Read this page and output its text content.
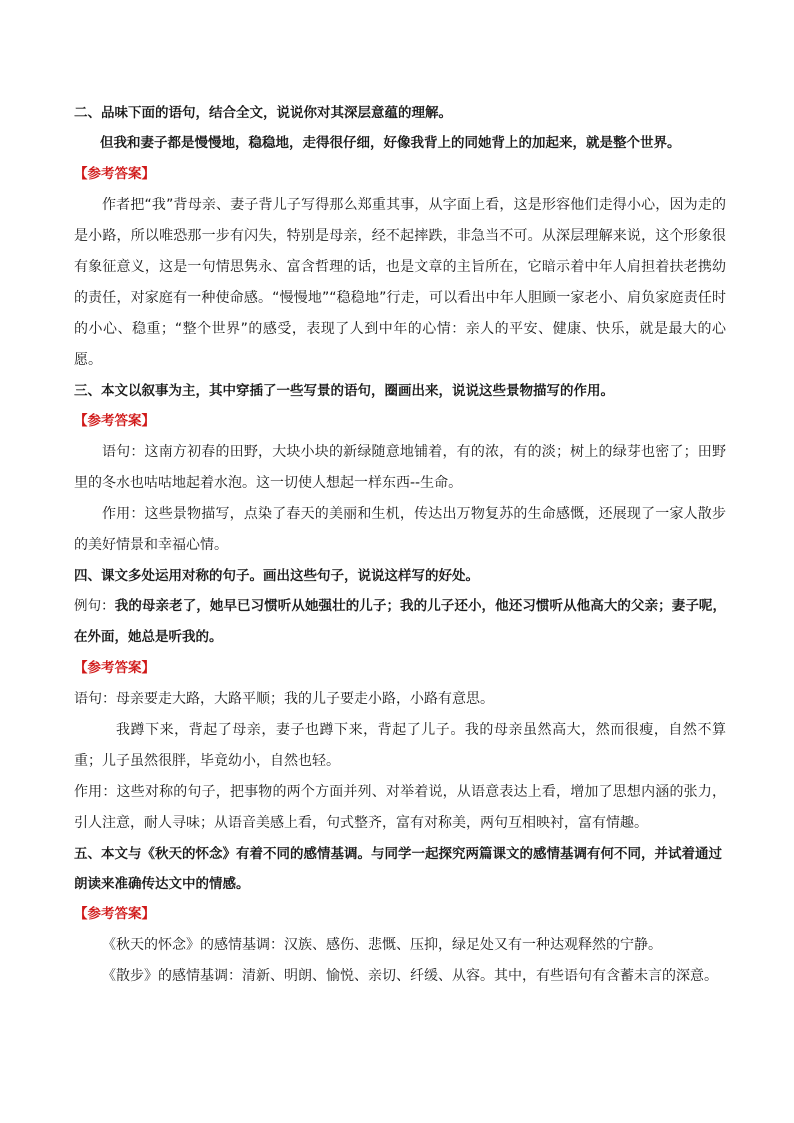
二、品味下面的语句，结合全文，说说你对其深层意蕴的理解。
但我和妻子都是慢慢地，稳稳地，走得很仔细，好像我背上的同她背上的加起来，就是整个世界。
【参考答案】
作者把“我”背母亲、妻子背儿子写得那么郑重其事，从字面上看，这是形容他们走得小心，因为走的是小路，所以唯恐那一步有闪失，特别是母亲，经不起摔跌，非急当不可。从深层理解来说，这个形象很有象征意义，这是一句情思隽永、富含哲理的话，也是文章的主旨所在，它暗示着中年人肩担着扶老携幼的责任，对家庭有一种使命感。“慢慢地”“稳稳地”行走，可以看出中年人胆顾一家老小、肩负家庭责任时的小心、稳重；“整个世界”的感受，表现了人到中年的心情：亲人的平安、健康、快乐，就是最大的心愿。
三、本文以叙事为主，其中穿插了一些写景的语句，圈画出来，说说这些景物描写的作用。
【参考答案】
语句：这南方初春的田野，大块小块的新绿随意地铺着，有的浓，有的淡；树上的绿芽也密了；田野里的冬水也咕咕地起着水泡。这一切使人想起一样东西--生命。
作用：这些景物描写，点染了春天的美丽和生机，传达出万物复苏的生命感慨，还展现了一家人散步的美好情景和幸福心情。
四、课文多处运用对称的句子。画出这些句子，说说这样写的好处。
例句：我的母亲老了，她早已习惯听从她强壮的儿子；我的儿子还小，他还习惯听从他高大的父亲；妻子呢，在外面，她总是听我的。
【参考答案】
语句：母亲要走大路，大路平顺；我的儿子要走小路，小路有意思。
我蹲下来，背起了母亲，妻子也蹲下来，背起了儿子。我的母亲虽然高大，然而很瘦，自然不算重；儿子虽然很胖，毕竟幼小，自然也轻。
作用：这些对称的句子，把事物的两个方面并列、对举着说，从语意表达上看，增加了思想内涵的张力，引人注意，耐人寻味；从语音美感上看，句式整齐，富有对称美，两句互相映衬，富有情趣。
五、本文与《秋天的怀念》有着不同的感情基调。与同学一起探究两篇课文的感情基调有何不同，并试着通过朗读来准确传达文中的情感。
【参考答案】
《秋天的怀念》的感情基调：汉族、感伤、悲慨、压抑，绿足处又有一种达观释然的宁静。
《散步》的感情基调：清新、明朗、愉悦、亲切、纤缓、从容。其中，有些语句有含蓄未言的深意。
